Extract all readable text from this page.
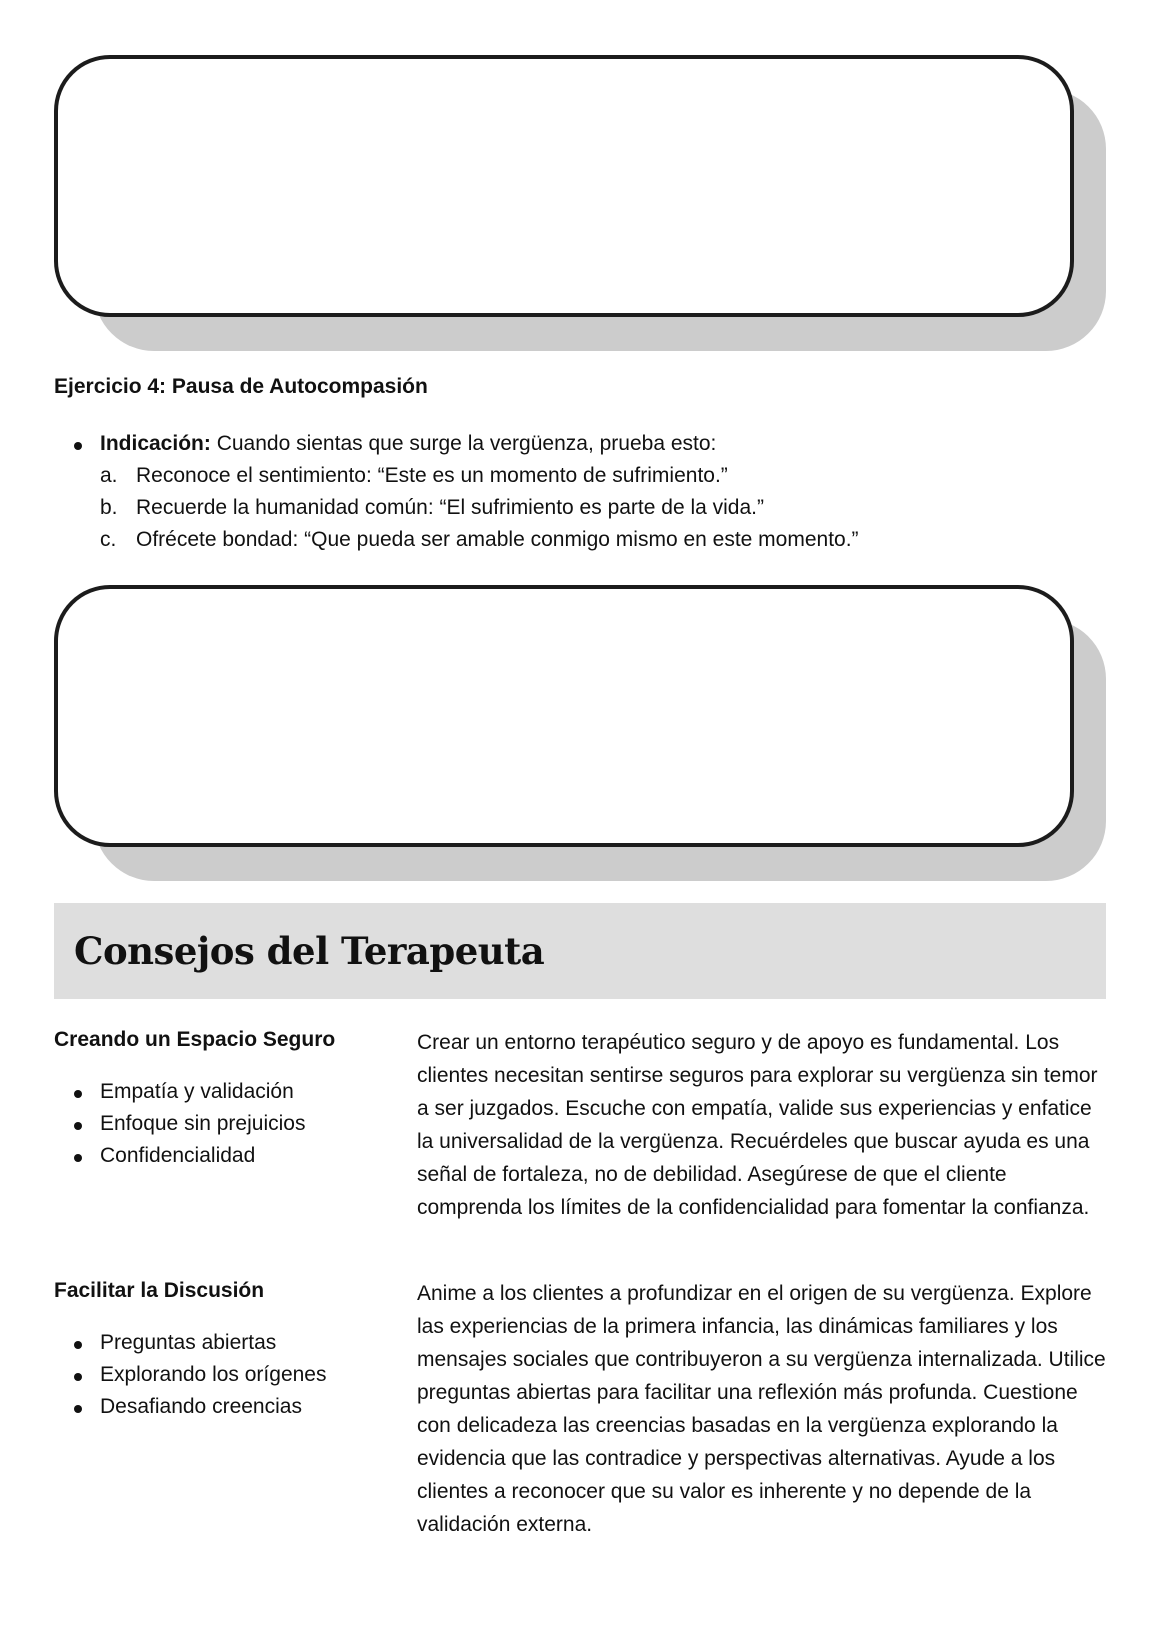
Ejercicio 4: Pausa de Autocompasión
Indicación: Cuando sientas que surge la vergüenza, prueba esto:
a. Reconoce el sentimiento: “Este es un momento de sufrimiento.”
b. Recuerde la humanidad común: “El sufrimiento es parte de la vida.”
c. Ofrécete bondad: “Que pueda ser amable conmigo mismo en este momento.”
Consejos del Terapeuta
Creando un Espacio Seguro
Empatía y validación
Enfoque sin prejuicios
Confidencialidad

Crear un entorno terapéutico seguro y de apoyo es fundamental. Los clientes necesitan sentirse seguros para explorar su vergüenza sin temor a ser juzgados. Escuche con empatía, valide sus experiencias y enfatice la universalidad de la vergüenza. Recuérdeles que buscar ayuda es una señal de fortaleza, no de debilidad. Asegúrese de que el cliente comprenda los límites de la confidencialidad para fomentar la confianza.

Facilitar la Discusión
Preguntas abiertas
Explorando los orígenes
Desafiando creencias

Anime a los clientes a profundizar en el origen de su vergüenza. Explore las experiencias de la primera infancia, las dinámicas familiares y los mensajes sociales que contribuyeron a su vergüenza internalizada. Utilice preguntas abiertas para facilitar una reflexión más profunda. Cuestione con delicadeza las creencias basadas en la vergüenza explorando la evidencia que las contradice y perspectivas alternativas. Ayude a los clientes a reconocer que su valor es inherente y no depende de la validación externa.
